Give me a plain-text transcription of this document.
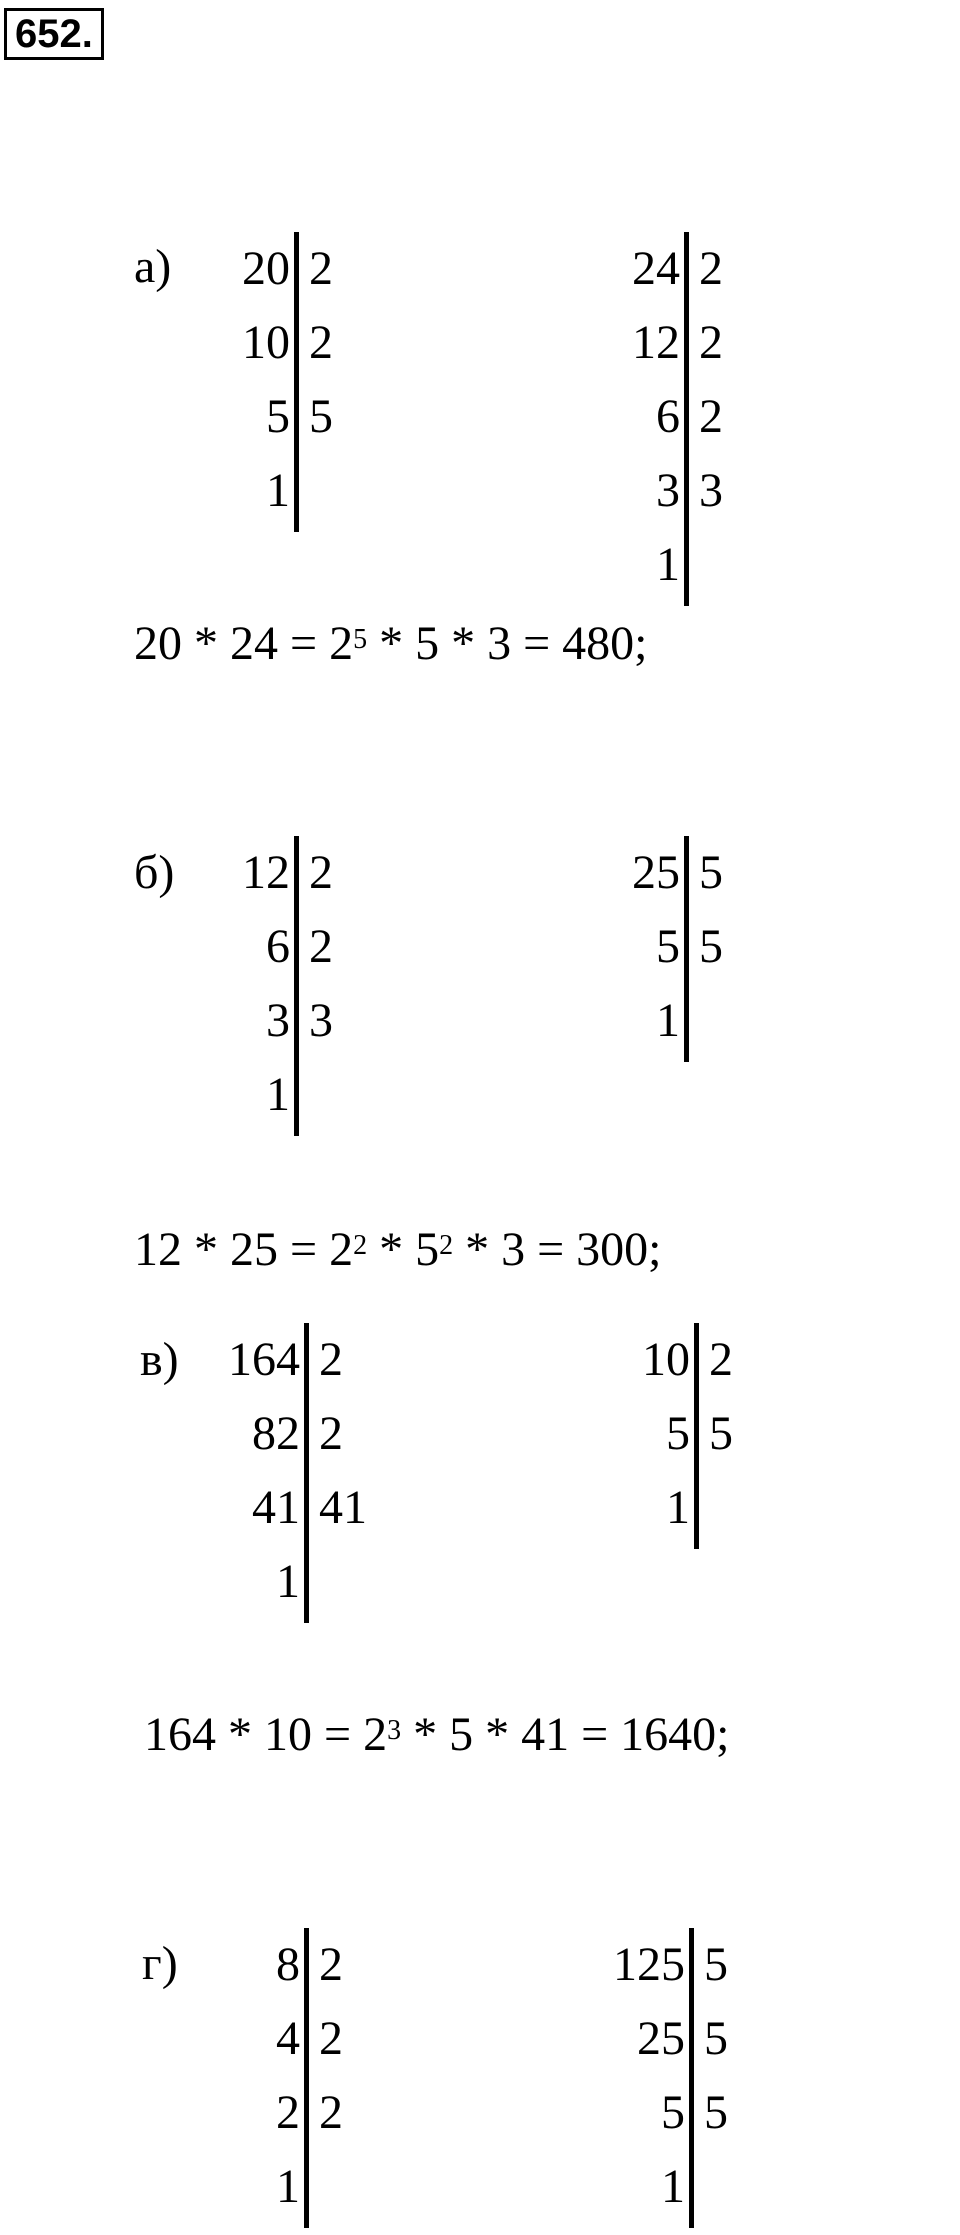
652.
а)	20 2
10 2
5 5
1
24 2
12 2
6 2
3 3
1
$20 * 24 = 2^5 * 5 * 3 = 480$;
б)	12 2
6 2
3 3
1
25 5
5 5
1
$12 * 25 = 2^2 * 5^2 * 3 = 300$;
в)	164 2
82 2
41 41
1
10 2
5 5
1
$164 * 10 = 2^3 * 5 * 41 = 1640$;
г)	8 2
4 2
2 2
1
125 5
25 5
5 5
1
